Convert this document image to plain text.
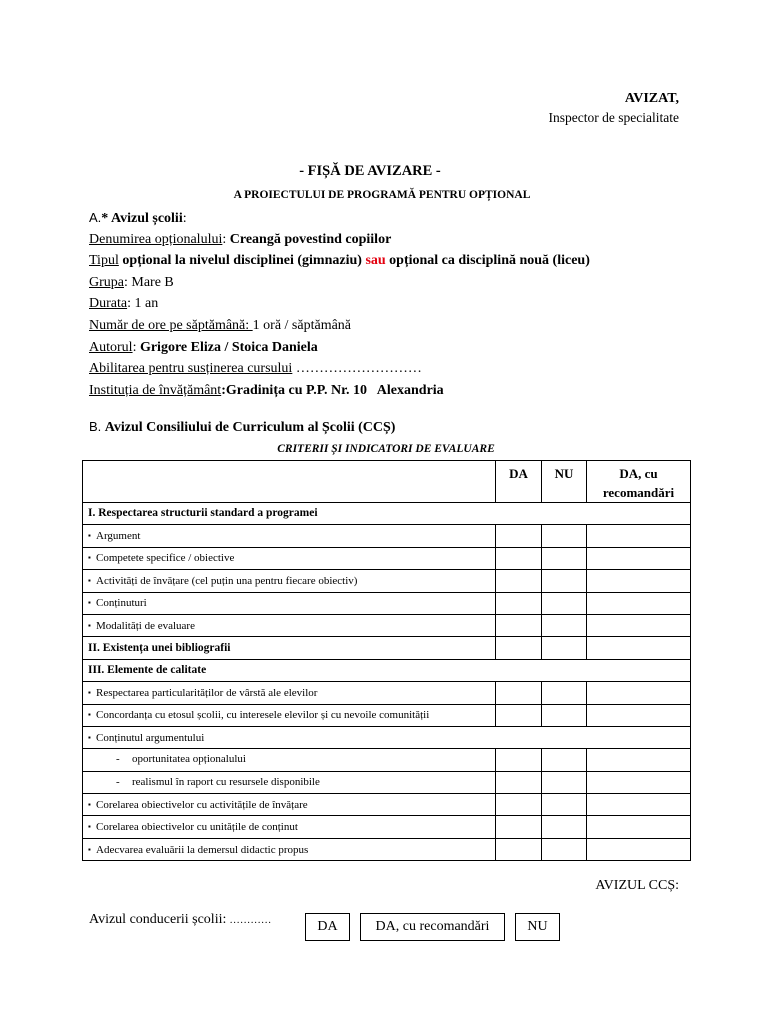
AVIZAT,
Inspector de specialitate
- FIȘĂ DE AVIZARE -
A PROIECTULUI DE PROGRAMĂ PENTRU OPȚIONAL
A.* Avizul școlii:
Denumirea opționalului: Creangă povestind copiilor
Tipul opțional la nivelul disciplinei (gimnaziu) sau opțional ca disciplină nouă (liceu)
Grupa: Mare B
Durata: 1 an
Număr de ore pe săptămână: 1 oră / săptămână
Autorul: Grigore Eliza / Stoica Daniela
Abilitarea pentru susținerea cursului ………………………
Instituția de învățământ:Gradinița cu P.P. Nr. 10   Alexandria
B. Avizul Consiliului de Curriculum al Școlii (CCȘ)
CRITERII ȘI INDICATORI DE EVALUARE
	DA	NU	DA, cu recomandări
I. Respectarea structurii standard a programei			
▪ Argument			
▪ Competete specifice / obiective			
▪ Activități de învățare (cel puțin una pentru fiecare obiectiv)			
▪ Conținuturi			
▪ Modalități de evaluare			
II. Existența unei bibliografii			
III. Elemente de calitate			
▪ Respectarea particularităților de vârstă ale elevilor			
▪ Concordanța cu etosul școlii, cu interesele elevilor și cu nevoile comunității			
▪ Conținutul argumentului			
- oportunitatea opționalului			
- realismul în raport cu resursele disponibile			
▪ Corelarea obiectivelor cu activitățile de învățare			
▪ Corelarea obiectivelor cu unitățile de conținut			
▪ Adecvarea evaluării la demersul didactic propus			
AVIZUL CCȘ:
Avizul conducerii școlii: ............	DA	DA, cu recomandări	NU
